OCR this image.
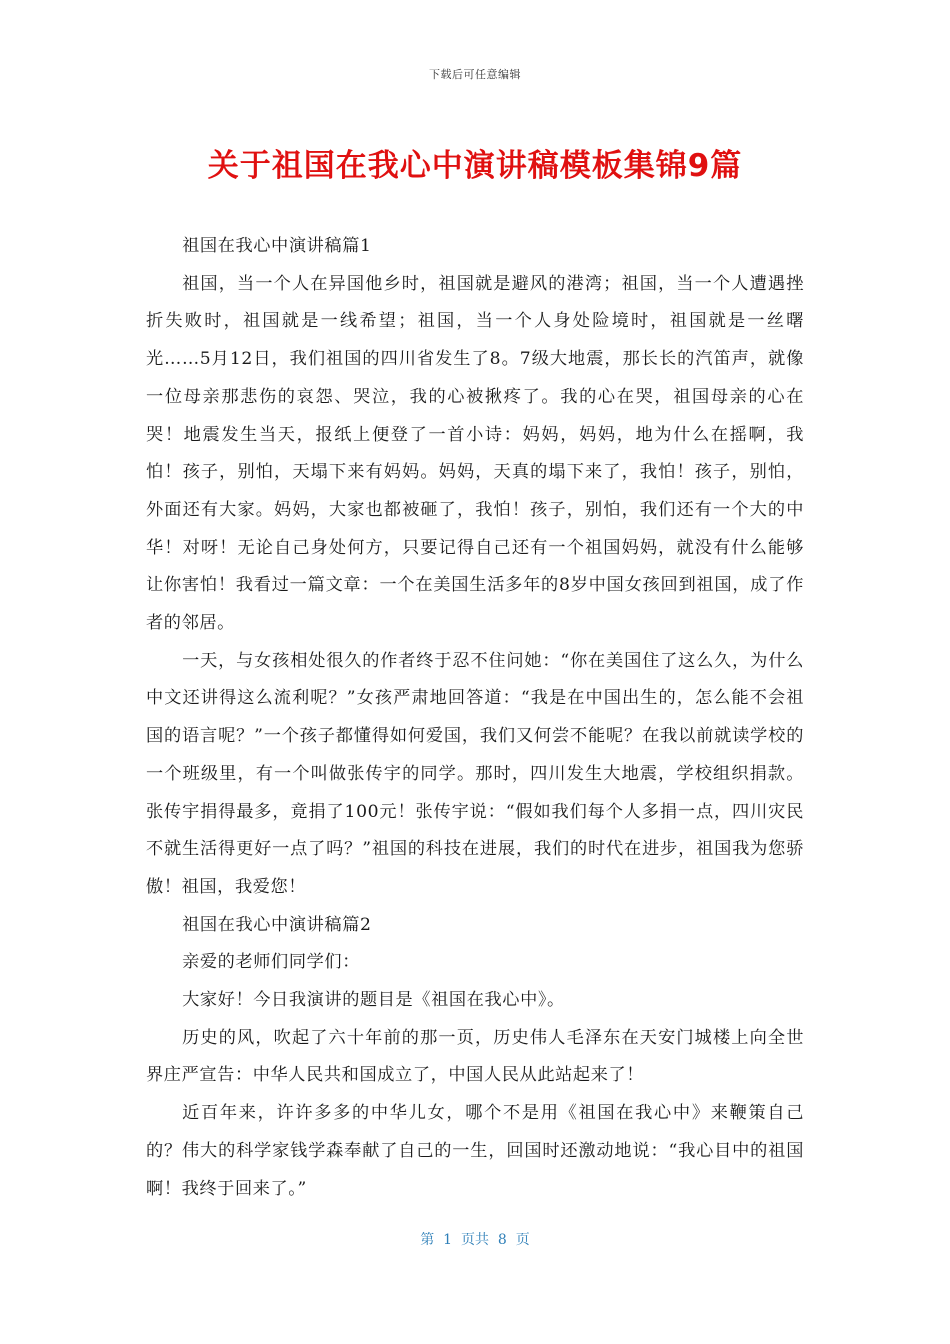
下载后可任意编辑
关于祖国在我心中演讲稿模板集锦9篇

祖国在我心中演讲稿篇1

祖国，当一个人在异国他乡时，祖国就是避风的港湾；祖国，当一个人遭遇挫折失败时，祖国就是一线希望；祖国，当一个人身处险境时，祖国就是一丝曙光……5月12日，我们祖国的四川省发生了8。7级大地震，那长长的汽笛声，就像一位母亲那悲伤的哀怨、哭泣，我的心被揪疼了。我的心在哭，祖国母亲的心在哭！地震发生当天，报纸上便登了一首小诗：妈妈，妈妈，地为什么在摇啊，我怕！孩子，别怕，天塌下来有妈妈。妈妈，天真的塌下来了，我怕！孩子，别怕，外面还有大家。妈妈，大家也都被砸了，我怕！孩子，别怕，我们还有一个大的中华！对呀！无论自己身处何方，只要记得自己还有一个祖国妈妈，就没有什么能够让你害怕！我看过一篇文章：一个在美国生活多年的8岁中国女孩回到祖国，成了作者的邻居。

一天，与女孩相处很久的作者终于忍不住问她：“你在美国住了这么久，为什么中文还讲得这么流利呢？”女孩严肃地回答道：“我是在中国出生的，怎么能不会祖国的语言呢？”一个孩子都懂得如何爱国，我们又何尝不能呢？在我以前就读学校的一个班级里，有一个叫做张传宇的同学。那时，四川发生大地震，学校组织捐款。张传宇捐得最多，竟捐了100元！张传宇说：“假如我们每个人多捐一点，四川灾民不就生活得更好一点了吗？”祖国的科技在进展，我们的时代在进步，祖国我为您骄傲！祖国，我爱您！

祖国在我心中演讲稿篇2

亲爱的老师们同学们：

大家好！今日我演讲的题目是《祖国在我心中》。

历史的风，吹起了六十年前的那一页，历史伟人毛泽东在天安门城楼上向全世界庄严宣告：中华人民共和国成立了，中国人民从此站起来了！

近百年来，许许多多的中华儿女，哪个不是用《祖国在我心中》来鞭策自己的？伟大的科学家钱学森奉献了自己的一生，回国时还激动地说：“我心目中的祖国啊！我终于回来了。”

第  1  页共  8  页
